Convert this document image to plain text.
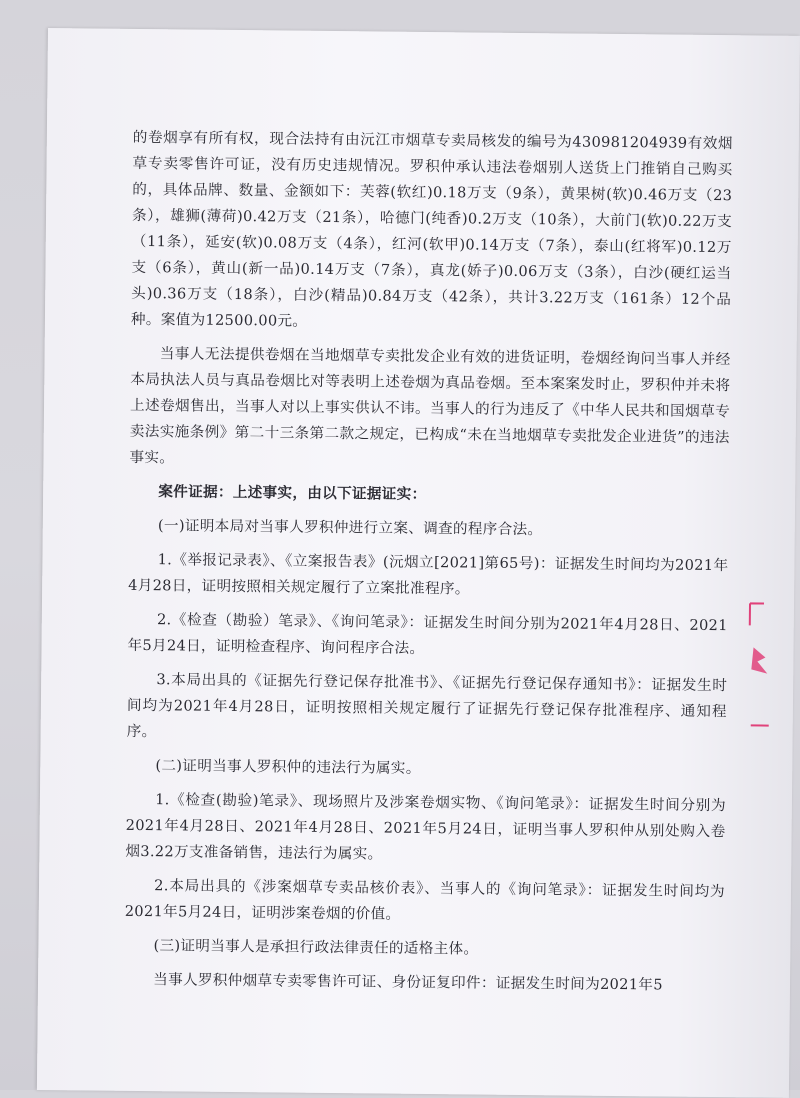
的卷烟享有所有权，现合法持有由沅江市烟草专卖局核发的编号为430981204939有效烟草专卖零售许可证，没有历史违规情况。罗积仲承认违法卷烟别人送货上门推销自己购买的，具体品牌、数量、金额如下：芙蓉(软红)0.18万支（9条），黄果树(软)0.46万支（23条），雄狮(薄荷)0.42万支（21条），哈德门(纯香)0.2万支（10条），大前门(软)0.22万支（11条），延安(软)0.08万支（4条），红河(软甲)0.14万支（7条），泰山(红将军)0.12万支（6条），黄山(新一品)0.14万支（7条），真龙(娇子)0.06万支（3条），白沙(硬红运当头)0.36万支（18条），白沙(精品)0.84万支（42条），共计3.22万支（161条）12个品种。案值为12500.00元。

当事人无法提供卷烟在当地烟草专卖批发企业有效的进货证明，卷烟经询问当事人并经本局执法人员与真品卷烟比对等表明上述卷烟为真品卷烟。至本案案发时止，罗积仲并未将上述卷烟售出，当事人对以上事实供认不讳。当事人的行为违反了《中华人民共和国烟草专卖法实施条例》第二十三条第二款之规定，已构成“未在当地烟草专卖批发企业进货”的违法事实。

案件证据：上述事实，由以下证据证实：

(一)证明本局对当事人罗积仲进行立案、调查的程序合法。

1.《举报记录表》、《立案报告表》(沅烟立[2021]第65号)：证据发生时间均为2021年4月28日，证明按照相关规定履行了立案批准程序。

2.《检查（勘验）笔录》、《询问笔录》：证据发生时间分别为2021年4月28日、2021年5月24日，证明检查程序、询问程序合法。

3.本局出具的《证据先行登记保存批准书》、《证据先行登记保存通知书》：证据发生时间均为2021年4月28日，证明按照相关规定履行了证据先行登记保存批准程序、通知程序。

(二)证明当事人罗积仲的违法行为属实。

1.《检查(勘验)笔录》、现场照片及涉案卷烟实物、《询问笔录》：证据发生时间分别为2021年4月28日、2021年4月28日、2021年5月24日，证明当事人罗积仲从别处购入卷烟3.22万支准备销售，违法行为属实。

2.本局出具的《涉案烟草专卖品核价表》、当事人的《询问笔录》：证据发生时间均为2021年5月24日，证明涉案卷烟的价值。

(三)证明当事人是承担行政法律责任的适格主体。

当事人罗积仲烟草专卖零售许可证、身份证复印件：证据发生时间为2021年5
